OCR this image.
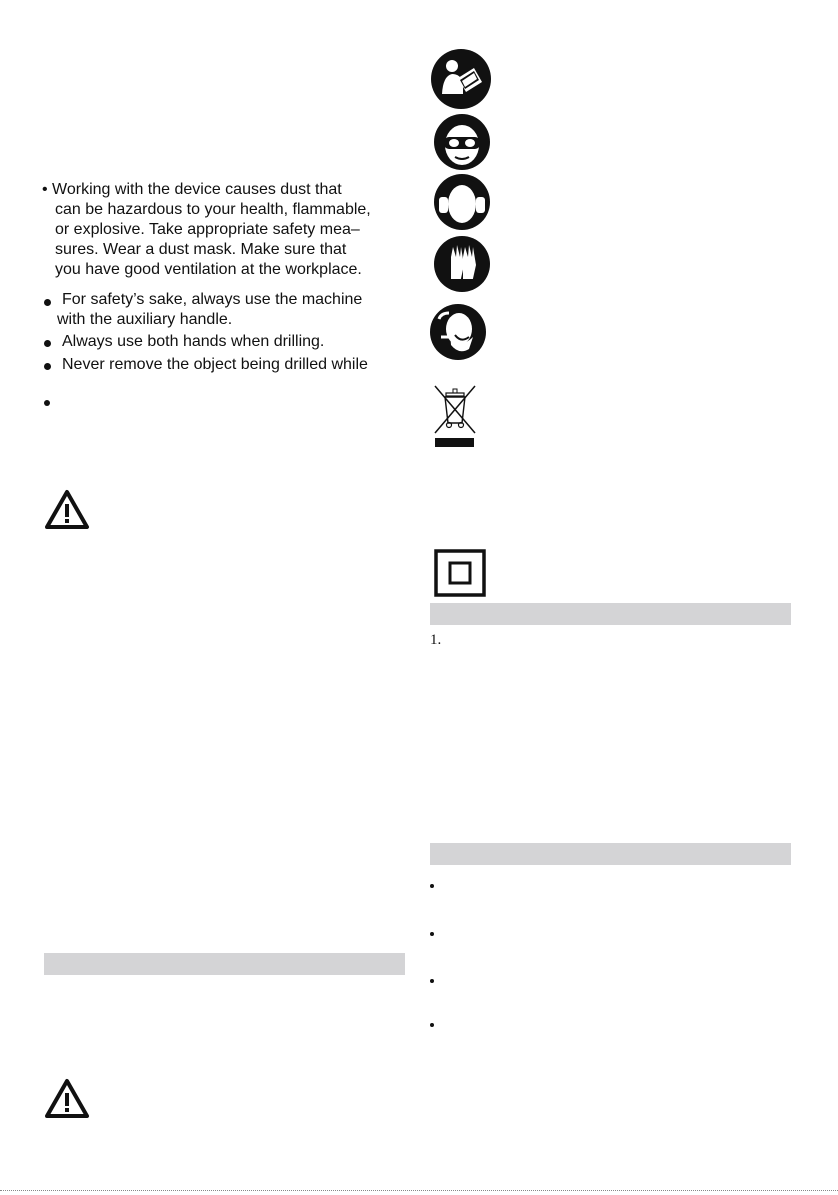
• Working with the device causes dust that
can be hazardous to your health, flammable,
or explosive. Take appropriate safety mea–
sures. Wear a dust mask. Make sure that
you have good ventilation at the workplace.
For safety’s sake, always use the machine
with the auxiliary handle.
Always use both hands when drilling.
Never remove the object being drilled while
1.
